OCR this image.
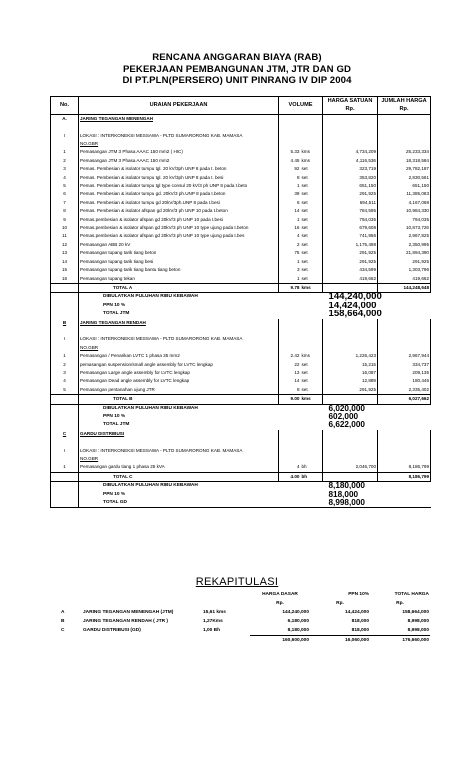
RENCANA ANGGARAN BIAYA (RAB)
PEKERJAAN PEMBANGUNAN JTM, JTR DAN GD
DI PT.PLN(PERSERO) UNIT PINRANG IV DIP 2004
No.	URAIAN PEKERJAAN	VOLUME		HARGA SATUAN	JUMLAH HARGA
				Rp.	Rp.
A.	JARING TEGANGAN MENENGAH				

I	LOKASI : INTERKONEKSI MESSAWA - PLTD SUMARORONG KAB. MAMASA				
	NO.GBR				
1	Pemasangan JTM 3 Phasa AAAC 150 mm2 ( HIC)	5.33	kms	4,734,209	25,233,334
2	Pemasangan JTM 3 Phasa AAAC 150 mm2	4.45	kms	4,116,536	18,318,584
3	Pemas. Pembesian & isolator tumpu tgl. 20 kV/3ph UNP 8 pada t. beton	92	set	323,719	29,782,187
4	Pemas. Pembesian & isolator tumpu tgl. 20 kV/3ph UNP 8 pada t. besi	8	set	353,820	2,830,561
5	Pemas. Pembesian & isolator tumpu tgl type consul 20 kV/3 ph UNP 8 pada t.beto	1	set	651,150	651,150
6	Pemas. Pembesian & isolator tumpu gd. 20kV/3 ph.UNP 8 pada t.beton	39	set	291,925	11,385,083
7	Pemas. Pembesian & isolator tumpu gd 20kV/3ph.UNP 8 pada t.besi	6	set	694,511	4,167,068
8	Pemas. Pembesian & isolator afspan gd 20kV/3 ph UNP 10 pada t.beton	14	set	784,595	10,984,330
9	Pemas.pembesian & isolator afspan gd 20kV/3 ph UNP 10 pada t.besi	1	set	794,035	794,035
10	Pemas.pembesian & isolator afspan gd 20kV/3 ph UNP 10 type ujung pada t.beton	16	set	679,608	10,873,726
11	Pemas.pembesian & isolator afspan gd 20kV/3 ph UNP 10 type ujung pada t.bes	4	set	741,956	2,967,825
12	Pemasangan ABB 20 kV	2	set	1,175,498	2,350,995
13	Pemasangan tupang tarik tiang beton	75	set	291,925	21,894,390
14	Pemasangan tupang tarik tiang besi	1	set	291,925	291,925
15	Pemasangan tupang tarik tiang bantu tiang beton	3	set	434,599	1,303,796
16	Pemasangan tupang tekan	1	set	419,662	419,662
	TOTAL A	9.78	kms		144,248,648
	DIBULATKAN PULUHAN RIBU KEBAWAH			144,240,000	
	PPN 10 %			14,424,000	
	TOTAL JTM			158,664,000	
B	JARING TEGANGAN RENDAH				

I	LOKASI : INTERKONEKSI MESSAWA - PLTD SUMARORONG KAB. MAMASA				
	NO.GBR				
1	Pemasangan / Penarikan LVTC 1 phasa 35 mm2	2.42	kms	1,226,423	2,967,944
2	pemasangan suspension/small angle assembly for LVTC lengkap	22	set	15,215	334,737
3	Pemasangan Large angle assembly for LVTC lengkap	13	set	16,087	209,135
4	Pemasangan Dead angle assembly for LVTC lengkap	14	set	12,889	180,446
5	Pemasangan pentanahan ujung JTR	8	set	291,925	2,335,402
	TOTAL B	9.00	kms		6,027,662
	DIBULATKAN PULUHAN RIBU KEBAWAH			6,020,000	
	PPN 10 %			602,000	
	TOTAL JTM			6,622,000	
C	GARDU DISTRIBUSI				

I	LOKASI : INTERKONEKSI MESSAWA - PLTD SUMARORONG KAB. MAMASA				
	NO.GBR				
1	Pemasangan gardu tiang 1 phasa 25 kVA	4	bh	2,046,700	8,186,799
	TOTAL C	4.00	bh		8,186,799
	DIBULATKAN PULUHAN RIBU KEBAWAH			8,180,000	
	PPN 10 %			818,000	
	TOTAL GD			8,998,000	
REKAPITULASI
			HARGA DASAR	PPN 10%	TOTAL HARGA
			Rp.	Rp.	Rp.
A	JARING TEGANGAN MENENGAH (JTM)	15,61 kms	144,240,000	14,424,000	158,664,000
B	JARING TEGANGAN RENDAH ( JTR )	1,27Kms	6,180,000	818,000	8,998,000
C	GARDU DISTRIBUSI (GD)	1,00 Bh	8,180,000	818,000	8,998,000
			160,600,000	16,060,000	176,660,000
